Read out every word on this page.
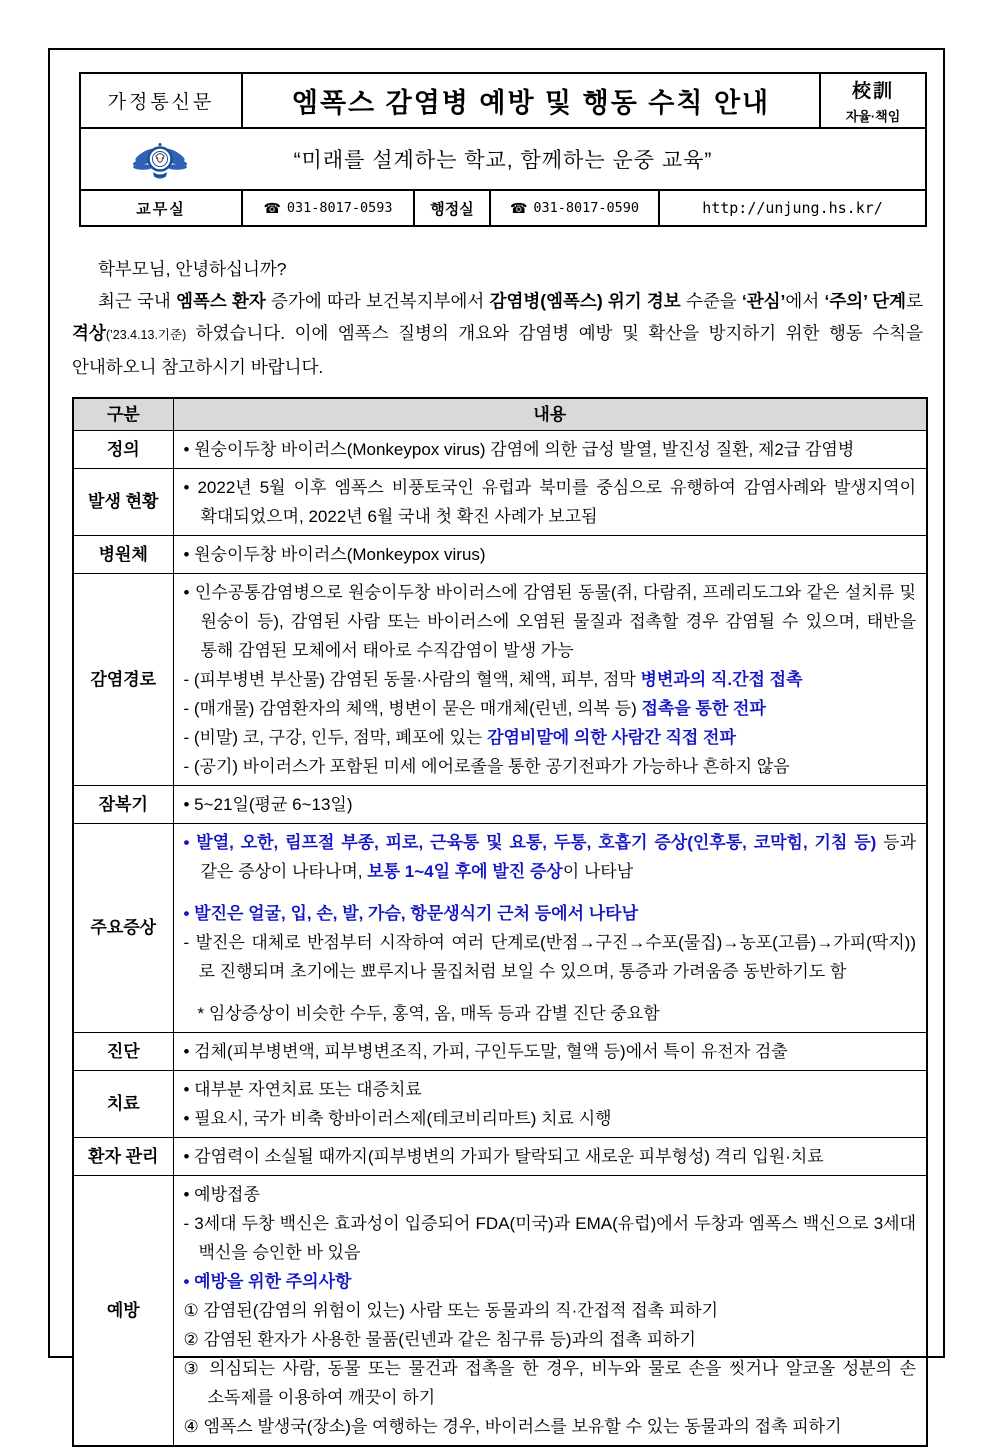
가정통신문	엠폭스 감염병 예방 및 행동 수칙 안내	校訓
자율·책임
“미래를 설계하는 학교, 함께하는 운중 교육”
교무실	☎ 031-8017-0593	행정실	☎ 031-8017-0590	http://unjung.hs.kr/

학부모님, 안녕하십니까?

최근 국내 엠폭스 환자 증가에 따라 보건복지부에서 감염병(엠폭스) 위기 경보 수준을 ‘관심’에서 ‘주의’ 단계로 격상(’23.4.13.기준) 하였습니다. 이에 엠폭스 질병의 개요와 감염병 예방 및 확산을 방지하기 위한 행동 수칙을 안내하오니 참고하시기 바랍니다.

구분	내용
정의	• 원숭이두창 바이러스(Monkeypox virus) 감염에 의한 급성 발열, 발진성 질환, 제2급 감염병

발생 현황	• 2022년 5월 이후 엠폭스 비풍토국인 유럽과 북미를 중심으로 유행하여 감염사례와 발생지역이 확대되었으며, 2022년 6월 국내 첫 확진 사례가 보고됨

병원체	• 원숭이두창 바이러스(Monkeypox virus)

감염경로	• 인수공통감염병으로 원숭이두창 바이러스에 감염된 동물(쥐, 다람쥐, 프레리도그와 같은 설치류 및 원숭이 등), 감염된 사람 또는 바이러스에 오염된 물질과 접촉할 경우 감염될 수 있으며, 태반을 통해 감염된 모체에서 태아로 수직감염이 발생 가능
- (피부병변 부산물) 감염된 동물·사람의 혈액, 체액, 피부, 점막 병변과의 직.간접 접촉
- (매개물) 감염환자의 체액, 병변이 묻은 매개체(린넨, 의복 등) 접촉을 통한 전파
- (비말) 코, 구강, 인두, 점막, 폐포에 있는 감염비말에 의한 사람간 직접 전파
- (공기) 바이러스가 포함된 미세 에어로졸을 통한 공기전파가 가능하나 흔하지 않음

잠복기	• 5~21일(평균 6~13일)

주요증상	• 발열, 오한, 림프절 부종, 피로, 근육통 및 요통, 두통, 호흡기 증상(인후통, 코막힘, 기침 등) 등과 같은 증상이 나타나며, 보통 1~4일 후에 발진 증상이 나타남
• 발진은 얼굴, 입, 손, 발, 가슴, 항문생식기 근처 등에서 나타남
- 발진은 대체로 반점부터 시작하여 여러 단계로(반점→구진→수포(물집)→농포(고름)→가피(딱지))로 진행되며 초기에는 뾰루지나 물집처럼 보일 수 있으며, 통증과 가려움증 동반하기도 함
* 임상증상이 비슷한 수두, 홍역, 옴, 매독 등과 감별 진단 중요함

진단	• 검체(피부병변액, 피부병변조직, 가피, 구인두도말, 혈액 등)에서 특이 유전자 검출

치료	• 대부분 자연치료 또는 대증치료
• 필요시, 국가 비축 항바이러스제(테코비리마트) 치료 시행

환자 관리	• 감염력이 소실될 때까지(피부병변의 가피가 탈락되고 새로운 피부형성) 격리 입원·치료

예방	
• 예방접종
- 3세대 두창 백신은 효과성이 입증되어 FDA(미국)과 EMA(유럽)에서 두창과 엠폭스 백신으로 3세대 백신을 승인한 바 있음
• 예방을 위한 주의사항
① 감염된(감염의 위험이 있는) 사람 또는 동물과의 직·간접적 접촉 피하기
② 감염된 환자가 사용한 물품(린넨과 같은 침구류 등)과의 접촉 피하기
③ 의심되는 사람, 동물 또는 물건과 접촉을 한 경우, 비누와 물로 손을 씻거나 알코올 성분의 손 소독제를 이용하여 깨끗이 하기
④ 엠폭스 발생국(장소)을 여행하는 경우, 바이러스를 보유할 수 있는 동물과의 접촉 피하기
